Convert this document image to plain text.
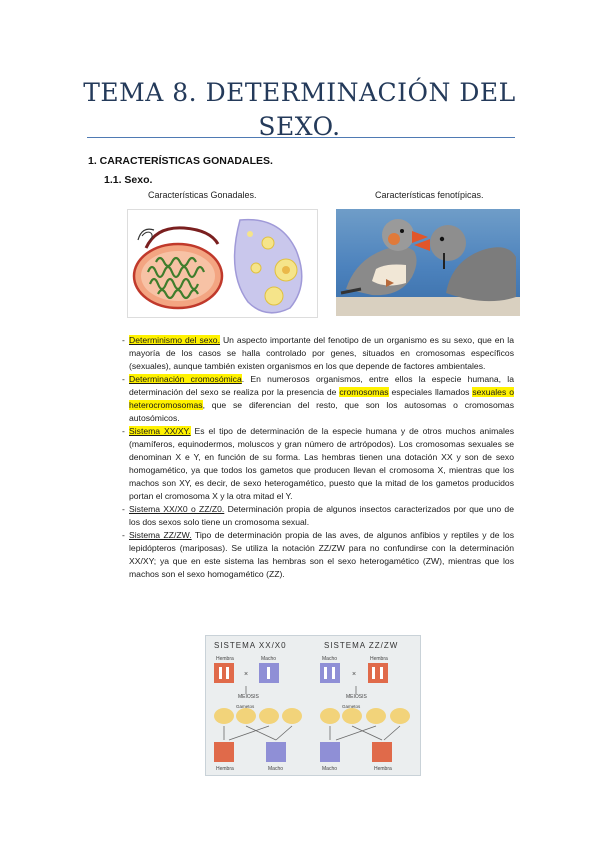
TEMA 8. DETERMINACIÓN DEL
SEXO.
1. CARACTERÍSTICAS GONADALES.
1.1. Sexo.
Características Gonadales.	Características fenotípicas.
- Determinismo del sexo. Un aspecto importante del fenotipo de un organismo es su sexo, que en la mayoría de los casos se halla controlado por genes, situados en cromosomas específicos (sexuales), aunque también existen organismos en los que depende de factores ambientales.
- Determinación cromosómica. En numerosos organismos, entre ellos la especie humana, la determinación del sexo se realiza por la presencia de cromosomas especiales llamados sexuales o heterocromosomas, que se diferencian del resto, que son los autosomas o cromosomas autosómicos.
- Sistema XX/XY. Es el tipo de determinación de la especie humana y de otros muchos animales (mamíferos, equinodermos, moluscos y gran número de artrópodos). Los cromosomas sexuales se denominan X e Y, en función de su forma. Las hembras tienen una dotación XX y son de sexo homogamético, ya que todos los gametos que producen llevan el cromosoma X, mientras que los machos son XY, es decir, de sexo heterogamético, puesto que la mitad de los gametos producidos portan el cromosoma X y la otra mitad el Y.
- Sistema XX/X0 o ZZ/Z0. Determinación propia de algunos insectos caracterizados por que uno de los dos sexos solo tiene un cromosoma sexual.
- Sistema ZZ/ZW. Tipo de determinación propia de las aves, de algunos anfibios y reptiles y de los lepidópteros (mariposas). Se utiliza la notación ZZ/ZW para no confundirse con la determinación XX/XY; ya que en este sistema las hembras son el sexo heterogamético (ZW), mientras que los machos son el sexo homogamético (ZZ).
SISTEMA XX/X0	SISTEMA ZZ/ZW
Hembra
×
Macho
MEIOSIS
Gametos
Hembra	Macho
Macho
×
Hembra
MEIOSIS
Gametos
Macho	Hembra
